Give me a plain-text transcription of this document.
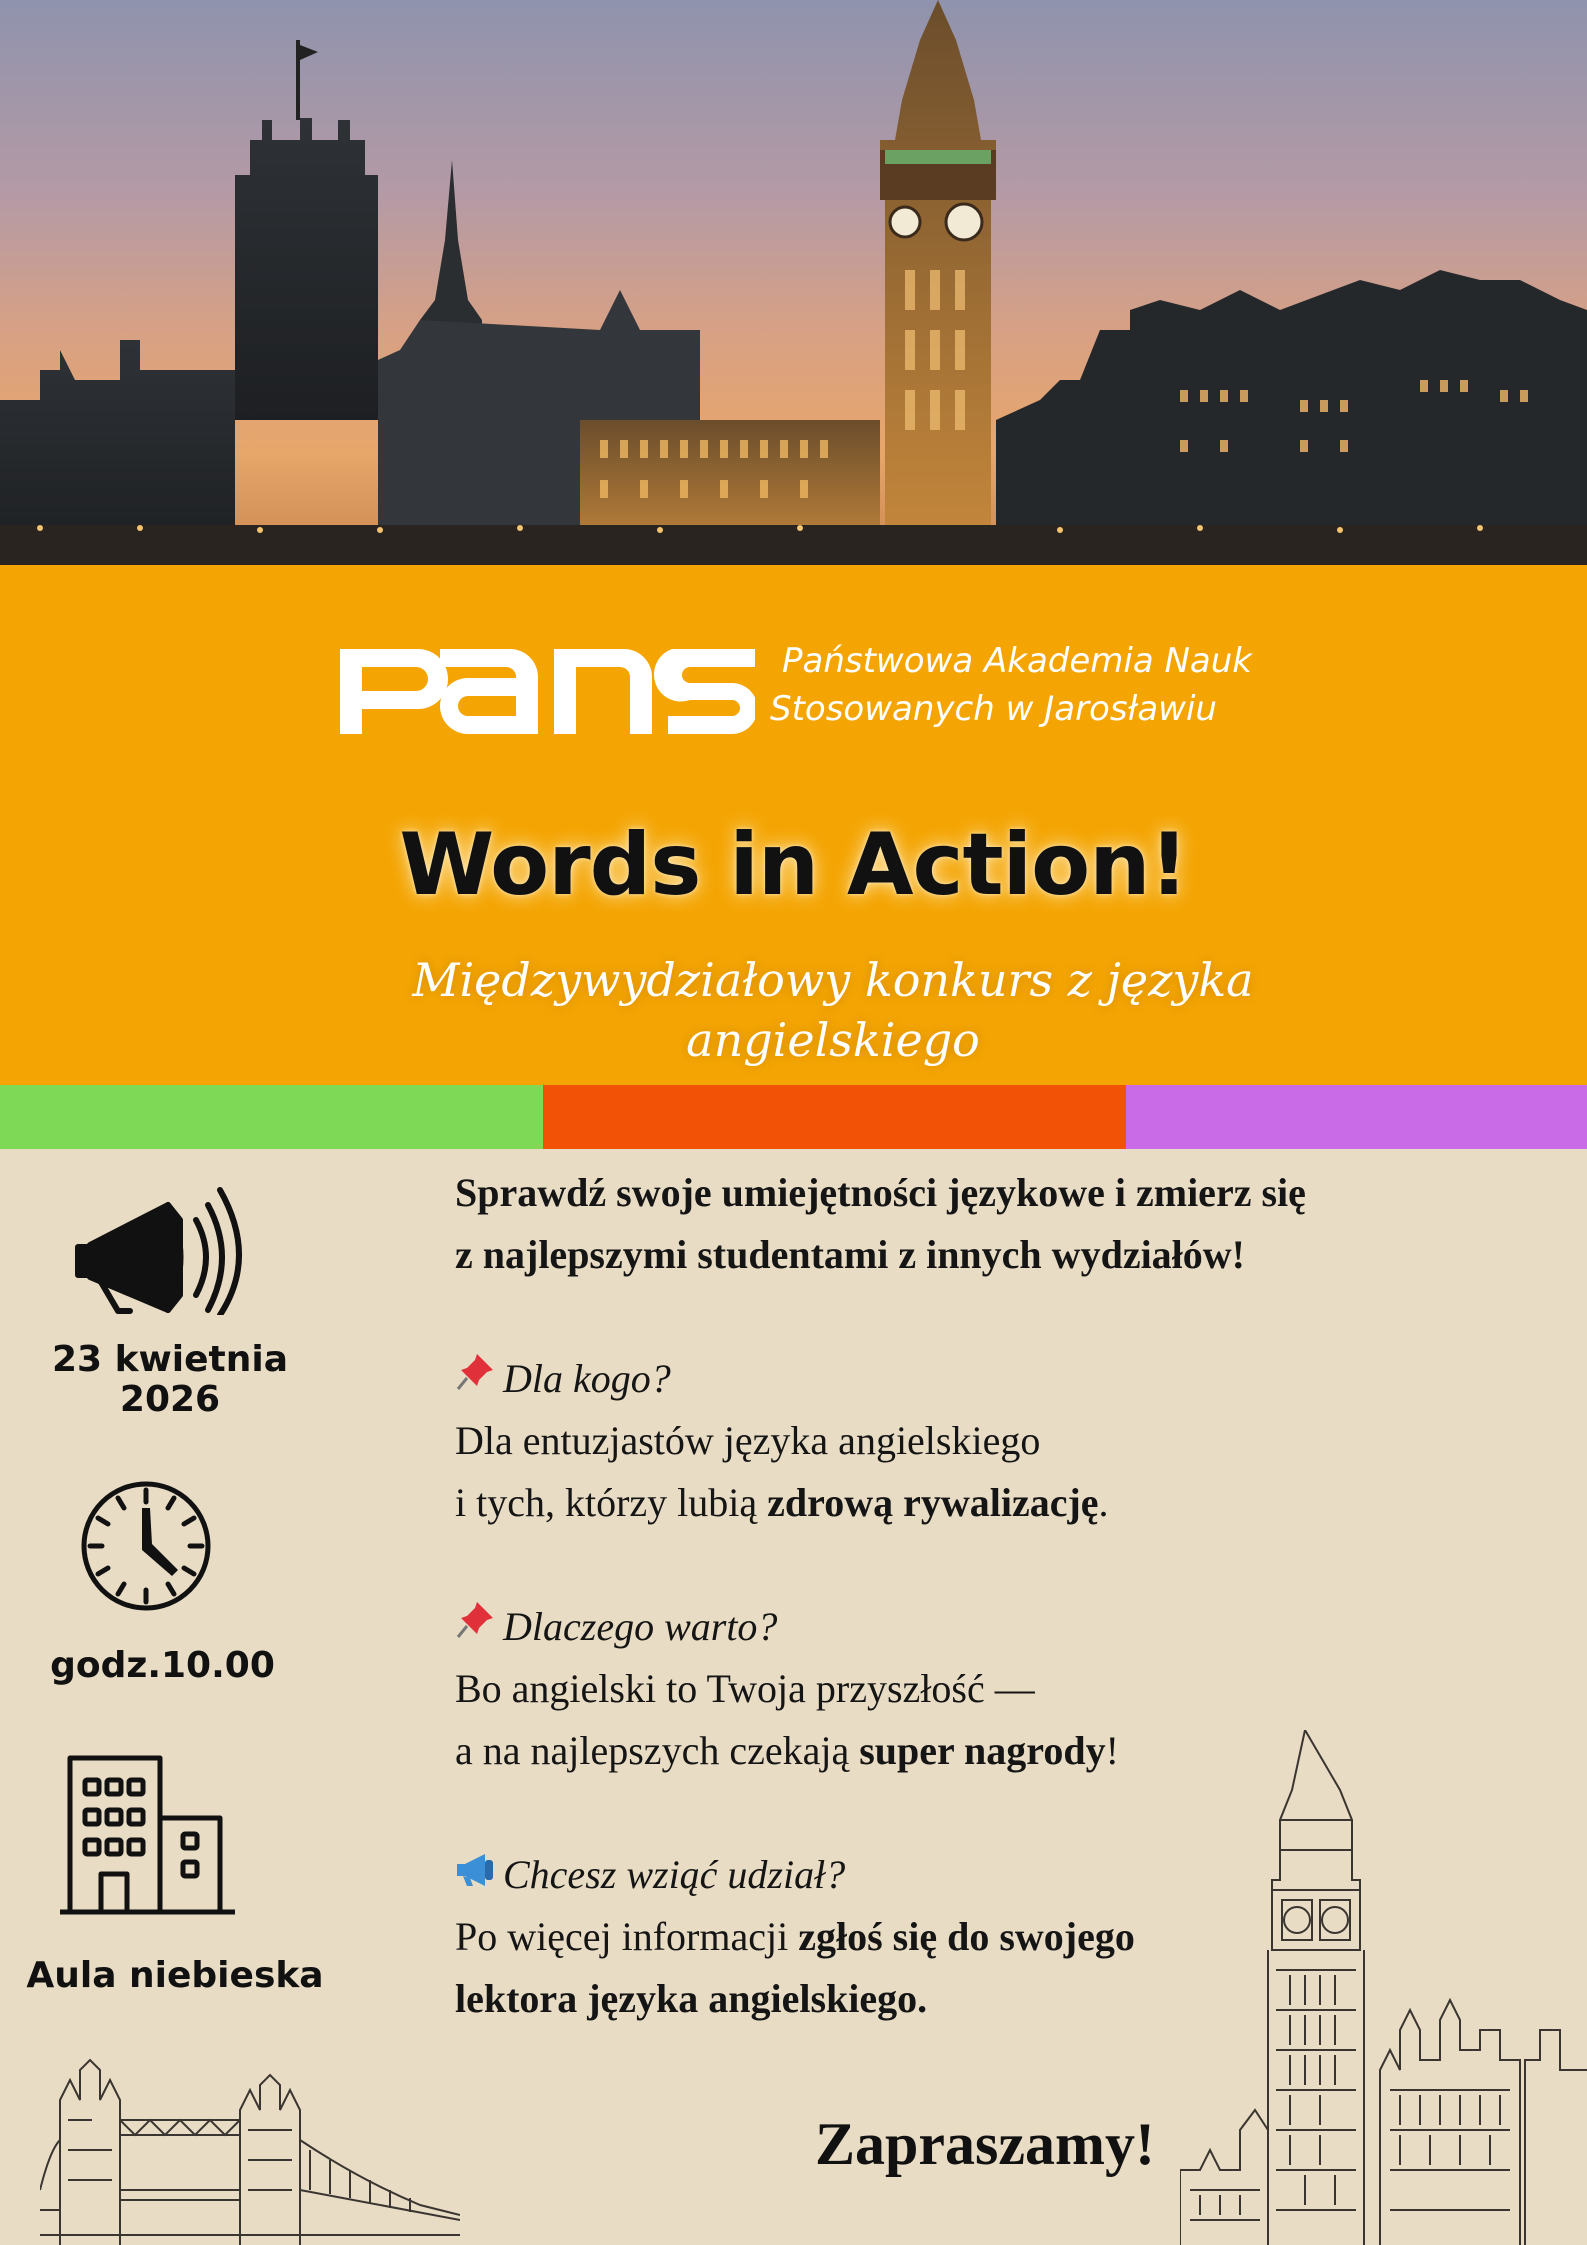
Państwowa Akademia Nauk
Stosowanych w Jarosławiu
Words in Action!
Międzywydziałowy konkurs z języka angielskiego
23 kwietnia
2026
godz.10.00
Aula niebieska

Sprawdź swoje umiejętności językowe i zmierz się
z najlepszymi studentami z innych wydziałów!

Dla kogo?

Dla entuzjastów języka angielskiego
i tych, którzy lubią zdrową rywalizację.

Dlaczego warto?

Bo angielski to Twoja przyszłość —
a na najlepszych czekają super nagrody!

Chcesz wziąć udział?

Po więcej informacji zgłoś się do swojego
lektora języka angielskiego.

Zapraszamy!
